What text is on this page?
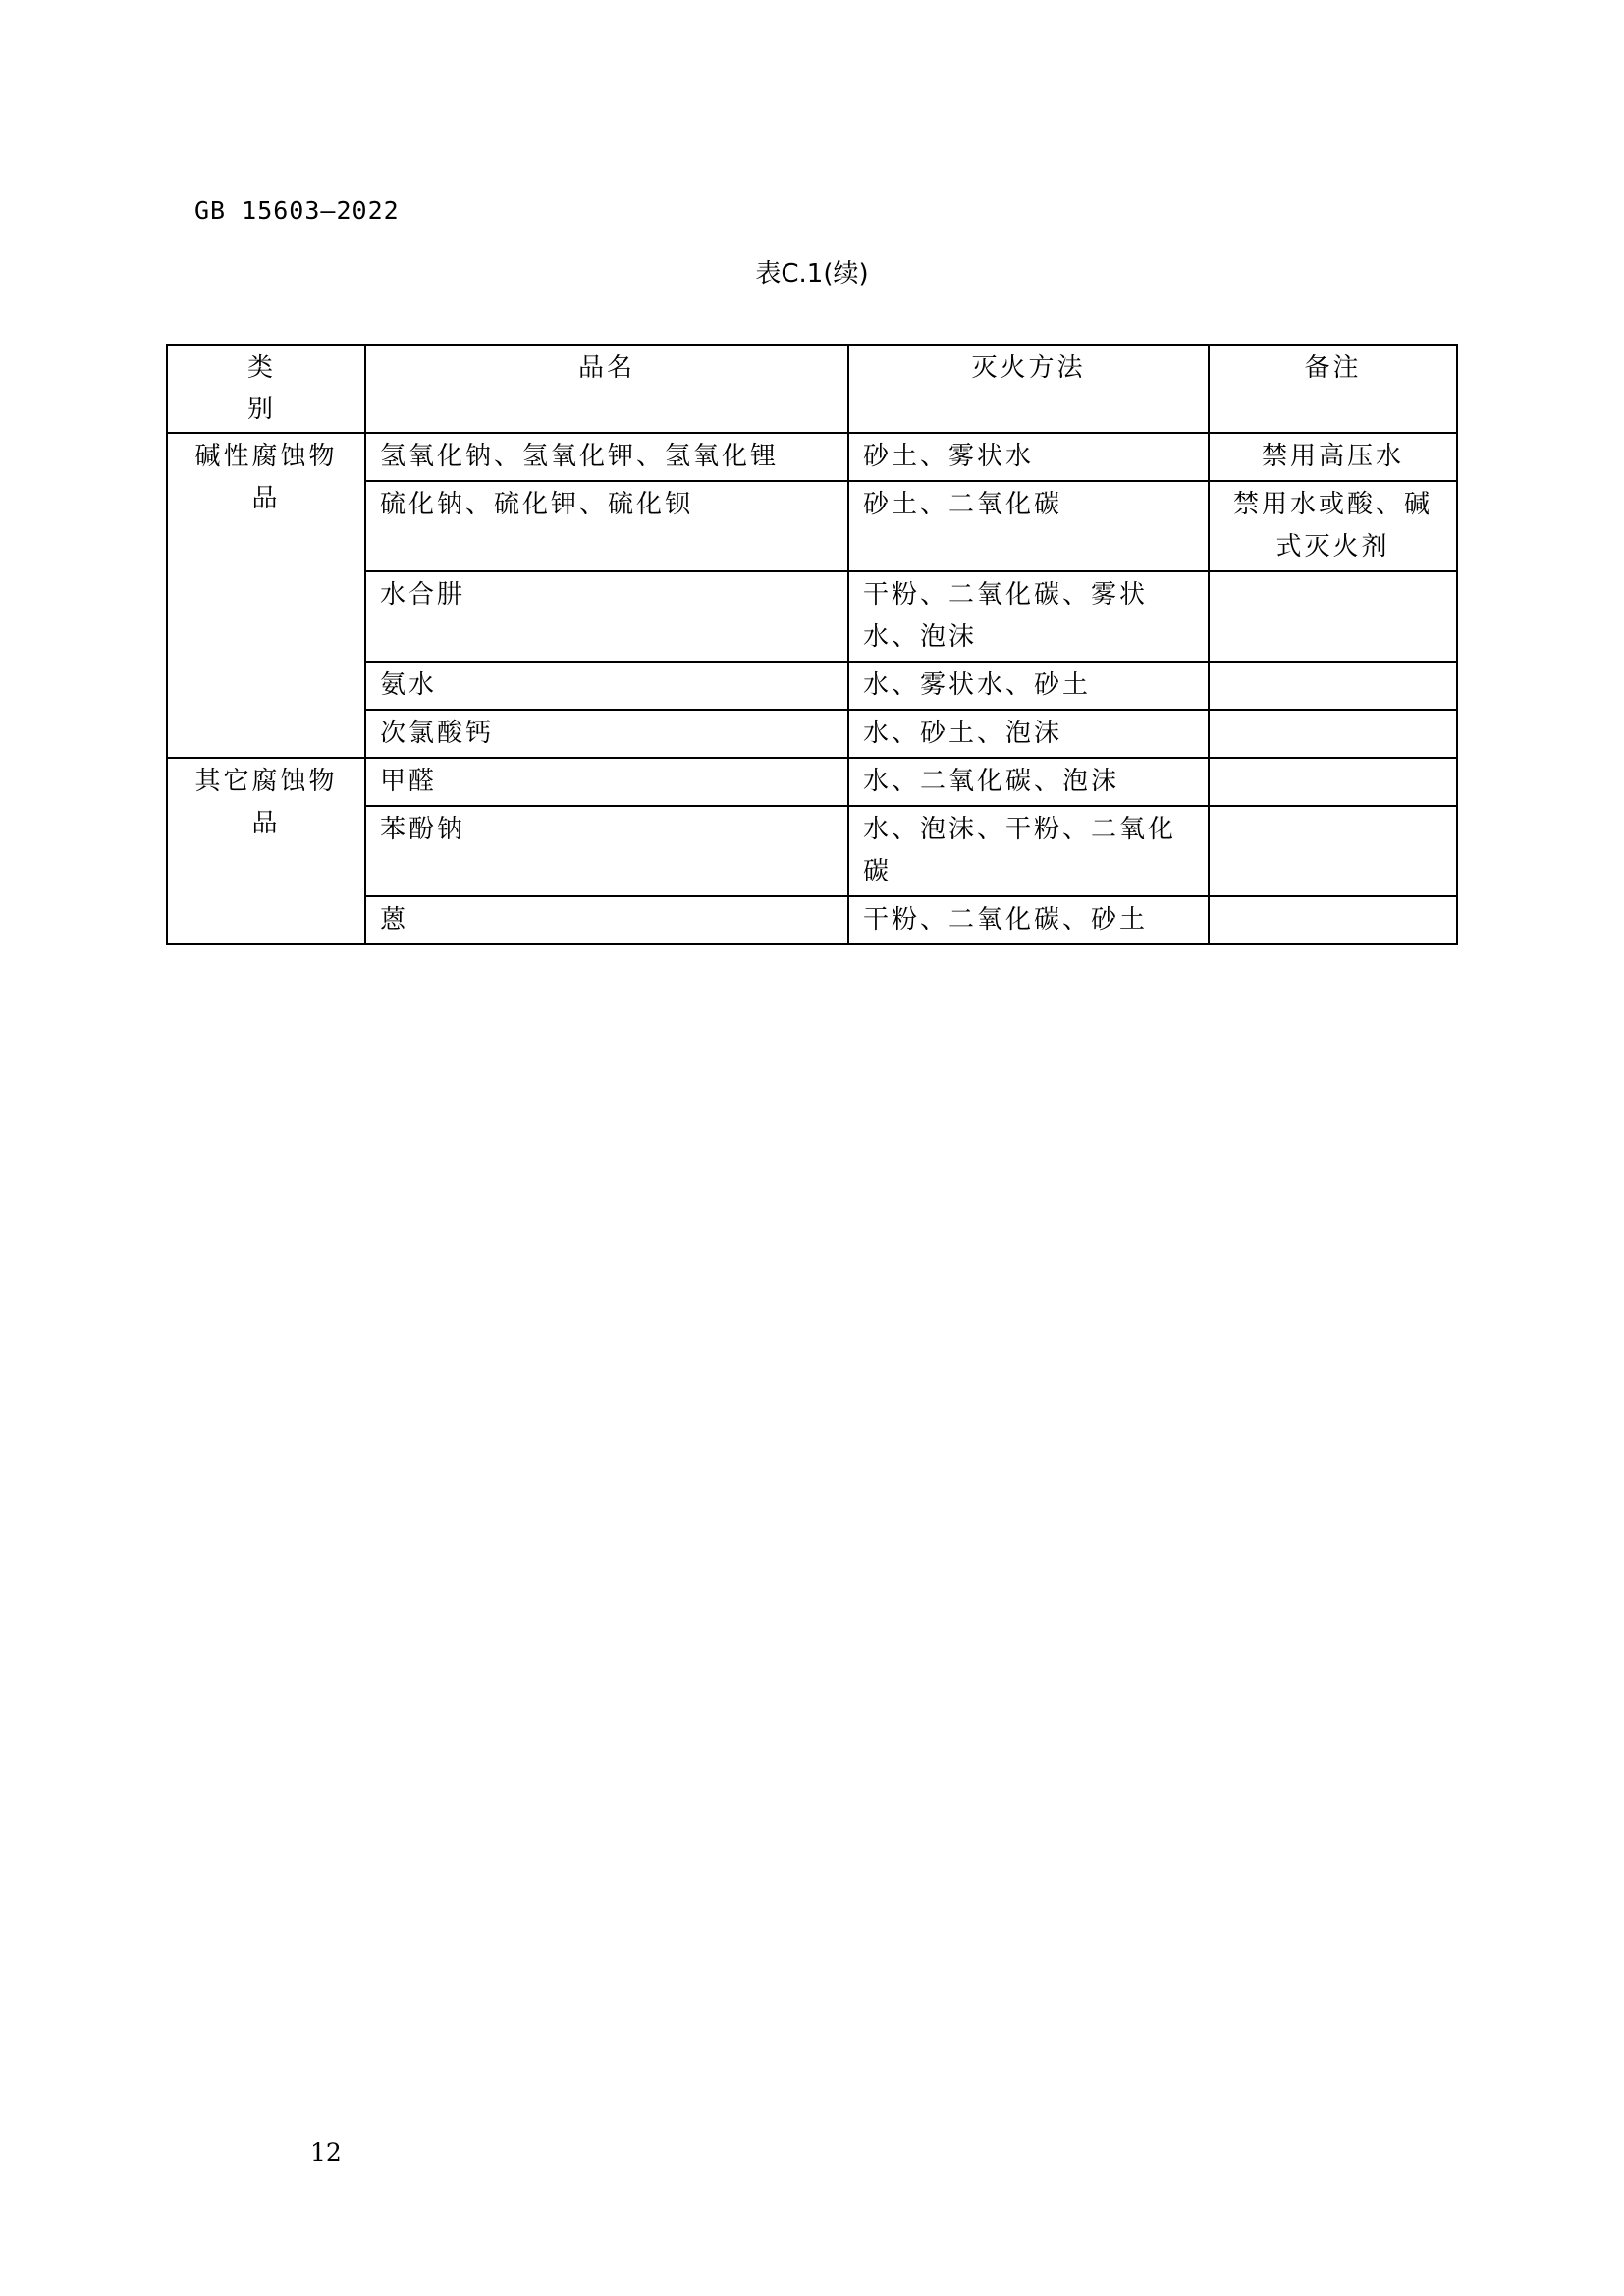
GB 15603—2022
表C.1(续)
类　别	品名	灭火方法	备注
碱性腐蚀物品	氢氧化钠、氢氧化钾、氢氧化锂	砂土、雾状水	禁用高压水
	硫化钠、硫化钾、硫化钡	砂土、二氧化碳	禁用水或酸、碱式灭火剂
	水合肼	干粉、二氧化碳、雾状水、泡沫	
	氨水	水、雾状水、砂土	
	次氯酸钙	水、砂土、泡沫	
其它腐蚀物品	甲醛	水、二氧化碳、泡沫	
	苯酚钠	水、泡沫、干粉、二氧化碳	
	蒽	干粉、二氧化碳、砂土	
12
